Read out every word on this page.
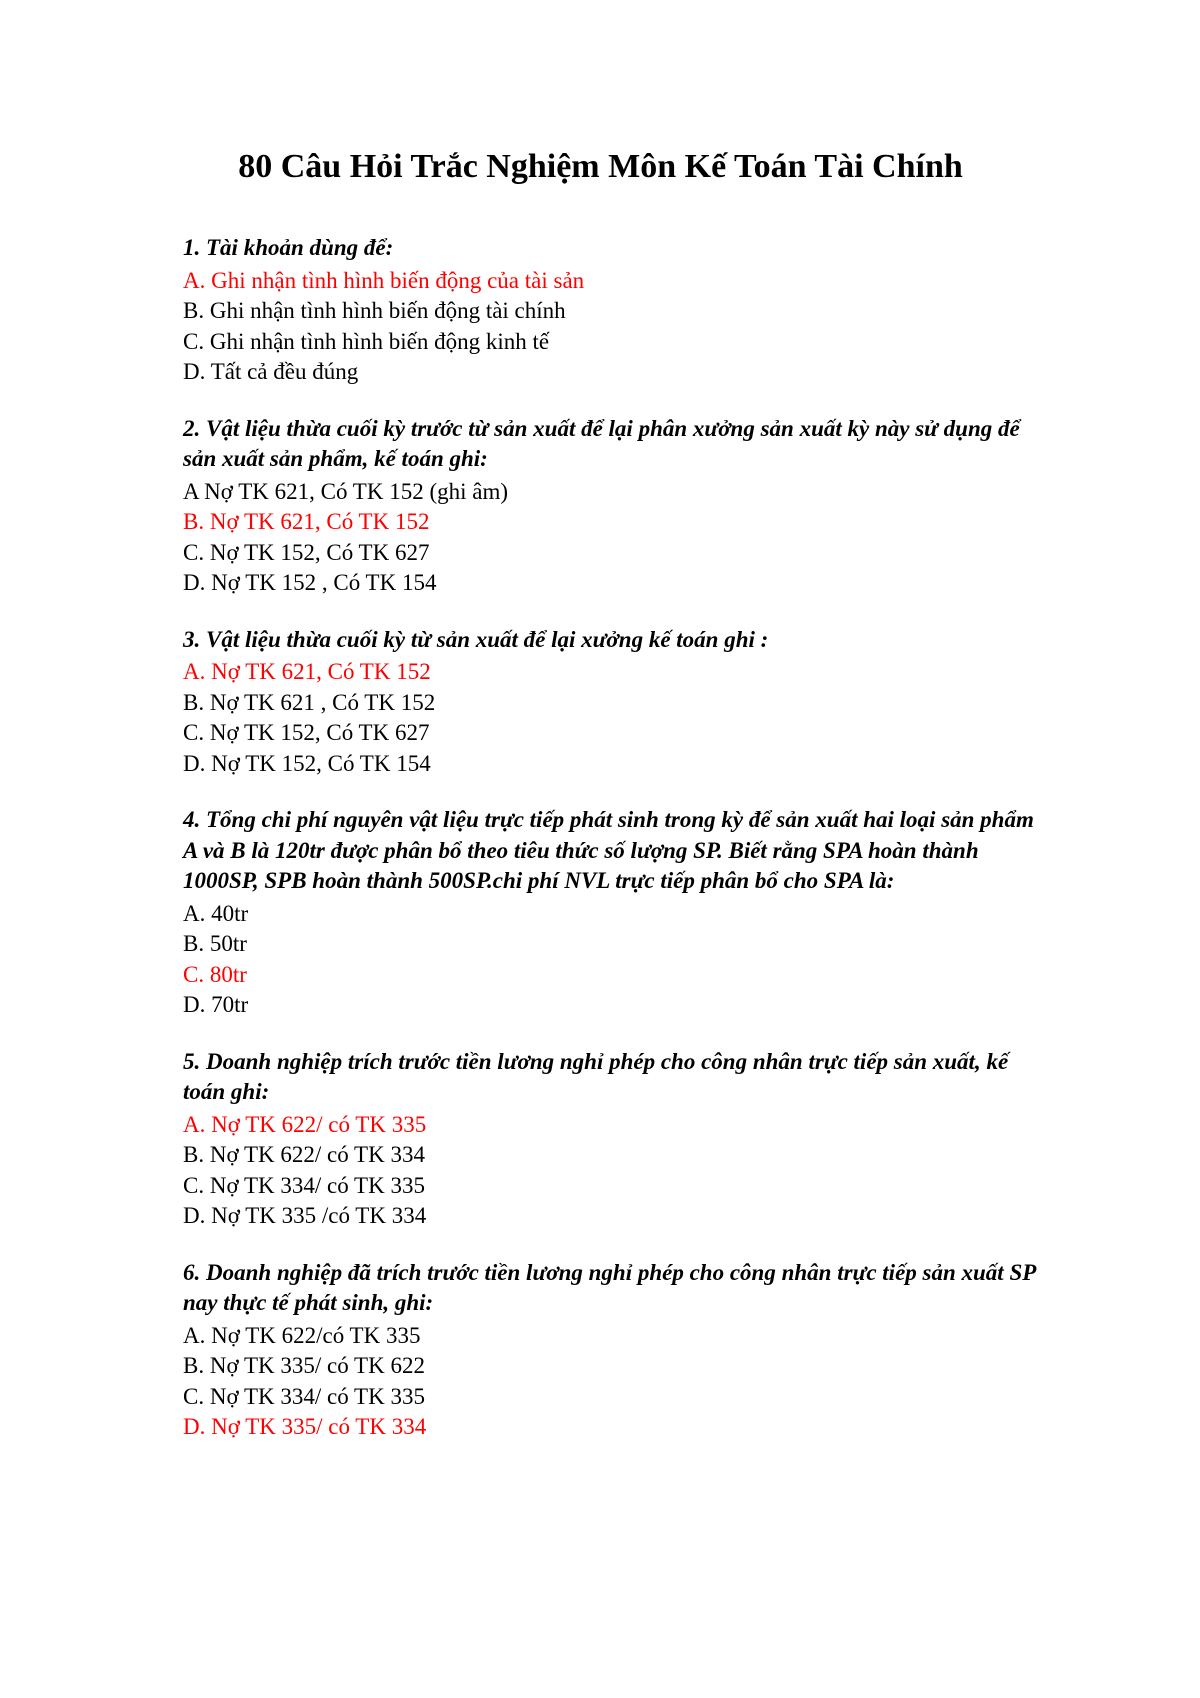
80 Câu Hỏi Trắc Nghiệm Môn Kế Toán Tài Chính

1. Tài khoản dùng để:

A. Ghi nhận tình hình biến động của tài sản
B. Ghi nhận tình hình biến động tài chính
C. Ghi nhận tình hình biến động kinh tế
D. Tất cả đều đúng

2. Vật liệu thừa cuối kỳ trước từ sản xuất để lại phân xưởng sản xuất kỳ này sử dụng để sản xuất sản phẩm, kế toán ghi:

A Nợ TK 621, Có TK 152 (ghi âm)
B. Nợ TK 621, Có TK 152
C. Nợ TK 152, Có TK 627
D. Nợ TK 152 , Có TK 154

3. Vật liệu thừa cuối kỳ từ sản xuất để lại xưởng kế toán ghi :

A. Nợ TK 621, Có TK 152
B. Nợ TK 621 , Có TK 152
C. Nợ TK 152, Có TK 627
D. Nợ TK 152, Có TK 154

4. Tổng chi phí nguyên vật liệu trực tiếp phát sinh trong kỳ để sản xuất hai loại sản phẩm A và B là 120tr được phân bổ theo tiêu thức số lượng SP. Biết rằng SPA hoàn thành 1000SP, SPB hoàn thành 500SP.chi phí NVL trực tiếp phân bổ cho SPA là:

A. 40tr
B. 50tr
C. 80tr
D. 70tr

5. Doanh nghiệp trích trước tiền lương nghỉ phép cho công nhân trực tiếp sản xuất, kế toán ghi:

A. Nợ TK 622/ có TK 335
B. Nợ TK 622/ có TK 334
C. Nợ TK 334/ có TK 335
D. Nợ TK 335 /có TK 334

6. Doanh nghiệp đã trích trước tiền lương nghỉ phép cho công nhân trực tiếp sản xuất SP nay thực tế phát sinh, ghi:

A. Nợ TK 622/có TK 335
B. Nợ TK 335/ có TK 622
C. Nợ TK 334/ có TK 335
D. Nợ TK 335/ có TK 334
